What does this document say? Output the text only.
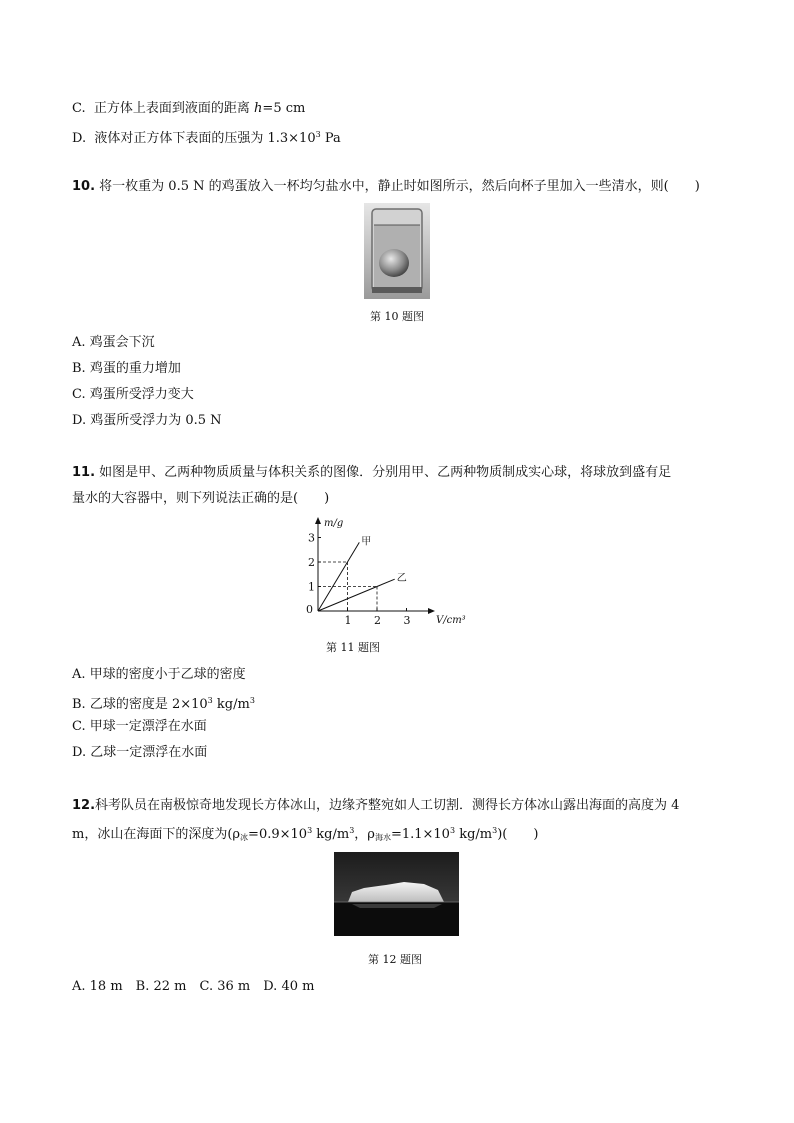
C. 正方体上表面到液面的距离 h=5 cm
D. 液体对正方体下表面的压强为 $1.3\times 10^3$ Pa
10. 将一枚重为 0.5 N 的鸡蛋放入一杯均匀盐水中，静止时如图所示，然后向杯子里加入一些清水，则(　　)
第 10 题图
A. 鸡蛋会下沉
B. 鸡蛋的重力增加
C. 鸡蛋所受浮力变大
D. 鸡蛋所受浮力为 0.5 N
11. 如图是甲、乙两种物质质量与体积关系的图像．分别用甲、乙两种物质制成实心球，将球放到盛有足
量水的大容器中，则下列说法正确的是(　　)
1
2
3
1 2 3
0
m/g
V/cm³
甲
乙
第 11 题图
A. 甲球的密度小于乙球的密度
B. 乙球的密度是 $2\times 10^3$ $kg/m^3$
C. 甲球一定漂浮在水面
D. 乙球一定漂浮在水面
12.科考队员在南极惊奇地发现长方体冰山，边缘齐整宛如人工切割．测得长方体冰山露出海面的高度为 4
m，冰山在海面下的深度为($\rho_冰=0.9\times 10^3$ $kg/m^3$，$\rho_{海水}=1.1\times 10^3$ $kg/m^3$)(　　)
第 12 题图
A. 18 m　B. 22 m　C. 36 m　D. 40 m
